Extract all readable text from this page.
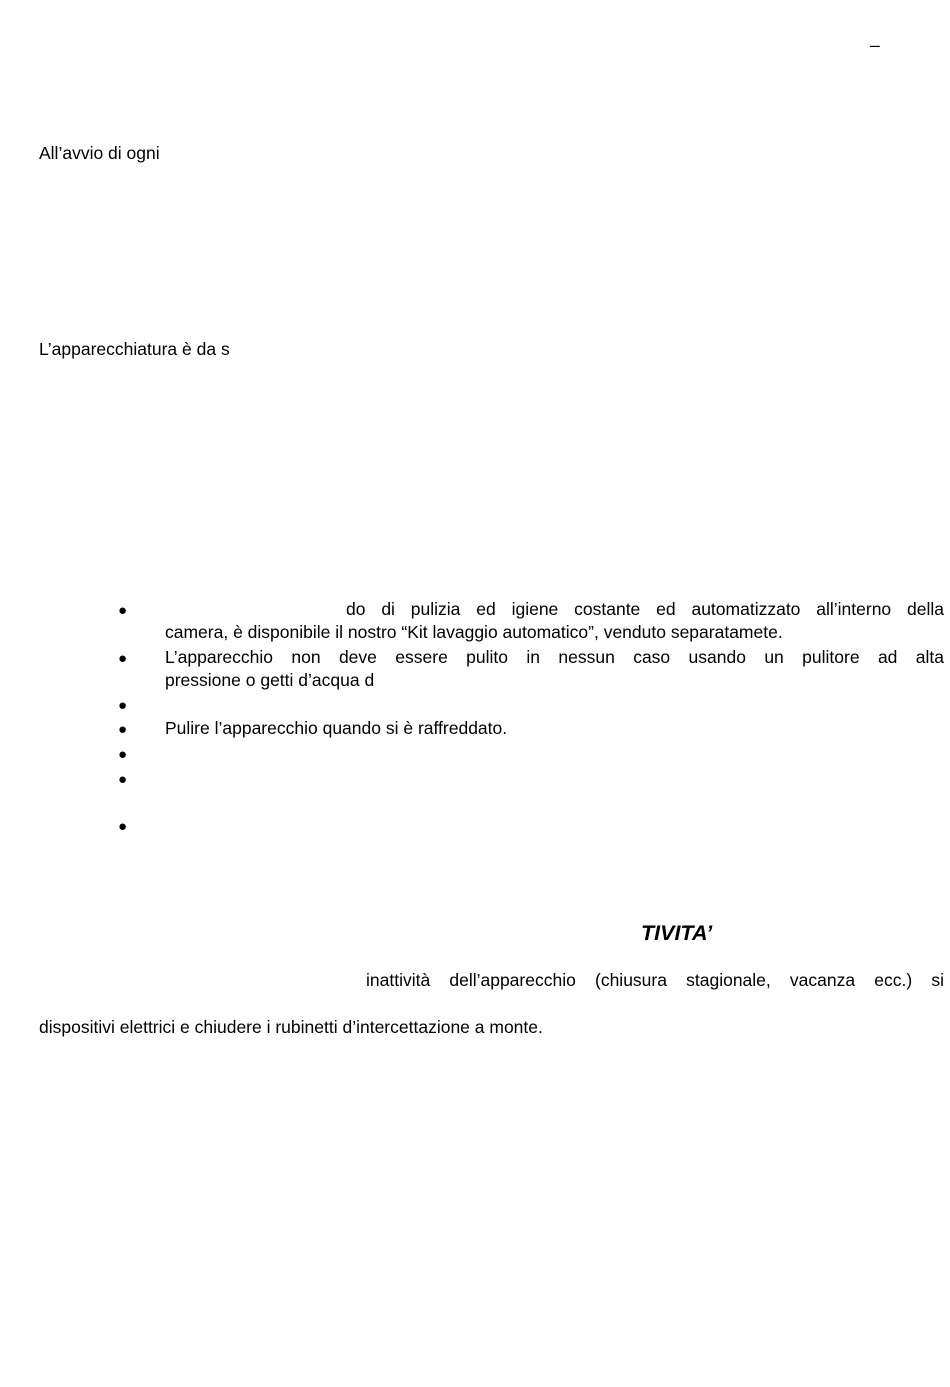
–
All’avvio di ogni
L’apparecchiatura è da s
●	do di pulizia ed igiene costante ed automatizzato all’interno della
camera, è disponibile il nostro “Kit lavaggio automatico”, venduto separatamete.
● L’apparecchio non deve essere pulito in nessun caso usando un pulitore ad alta
pressione o getti d’acqua d
●
● Pulire l’apparecchio quando si è raffreddato.
●
●
●
TIVITA’
inattività dell’apparecchio (chiusura stagionale, vacanza ecc.) si
dispositivi elettrici e chiudere i rubinetti d’intercettazione a monte.
